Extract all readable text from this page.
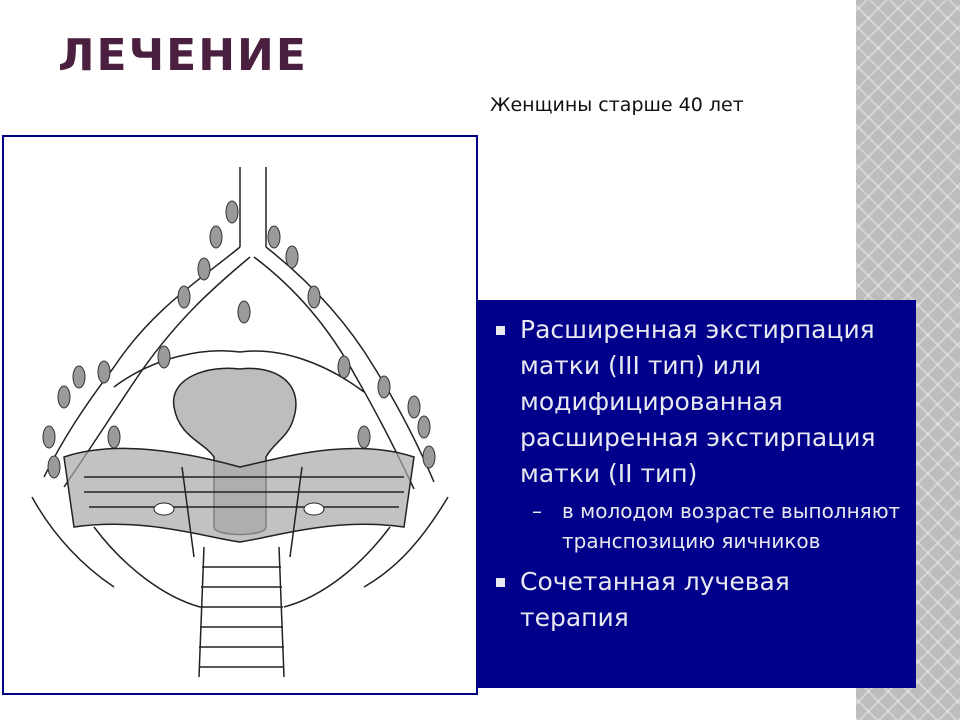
ЛЕЧЕНИЕ
Женщины старше 40 лет
Расширенная экстирпация матки (III тип) или модифицированная расширенная экстирпация матки (II тип)
– в молодом возрасте выполняют транспозицию яичников
Сочетанная лучевая терапия
